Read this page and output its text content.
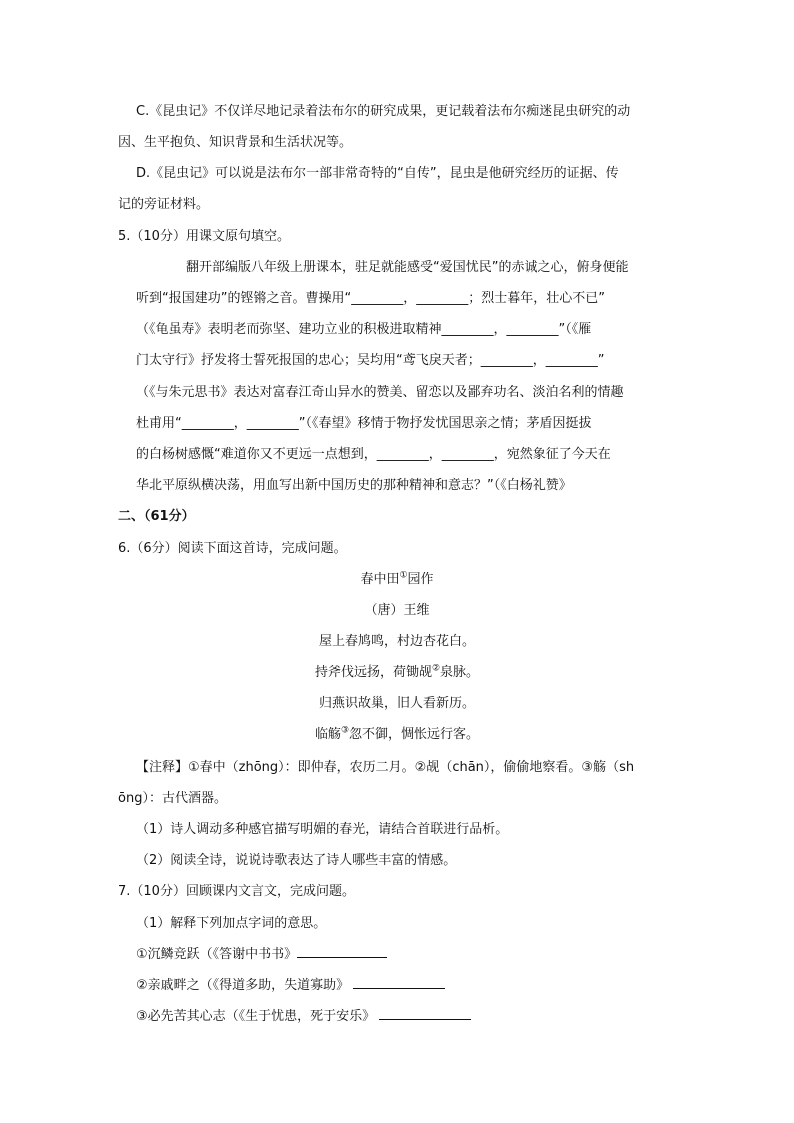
C.《昆虫记》不仅详尽地记录着法布尔的研究成果，更记载着法布尔痴迷昆虫研究的动
因、生平抱负、知识背景和生活状况等。
D.《昆虫记》可以说是法布尔一部非常奇特的“自传”，昆虫是他研究经历的证据、传
记的旁证材料。
5.（10分）用课文原句填空。
翻开部编版八年级上册课本，驻足就能感受“爱国忧民”的赤诚之心，俯身便能
听到“报国建功”的铿锵之音。曹操用“________，________；烈士暮年，壮心不已”
（《龟虽寿》表明老而弥坚、建功立业的积极进取精神________，________”（《雁
门太守行》抒发将士誓死报国的忠心；吴均用“鸢飞戾天者；________，________”
（《与朱元思书》表达对富春江奇山异水的赞美、留恋以及鄙弃功名、淡泊名利的情趣
杜甫用“________，________”（《春望》移情于物抒发忧国思亲之情；茅盾因挺拔
的白杨树感慨“难道你又不更远一点想到，________，________，宛然象征了今天在
华北平原纵横决荡，用血写出新中国历史的那种精神和意志？”（《白杨礼赞》
二、（61分）
6.（6分）阅读下面这首诗，完成问题。
春中田①园作
（唐）王维
屋上春鸠鸣，村边杏花白。
持斧伐远扬，荷锄觇②泉脉。
归燕识故巢，旧人看新历。
临觞③忽不御，惆怅远行客。
【注释】①春中（zhōng）：即仲春，农历二月。②觇（chān），偷偷地察看。③觞（sh
ōng）：古代酒器。
（1）诗人调动多种感官描写明媚的春光，请结合首联进行品析。
（2）阅读全诗，说说诗歌表达了诗人哪些丰富的情感。
7.（10分）回顾课内文言文，完成问题。
（1）解释下列加点字词的意思。
①沉鳞竞跃（《答谢中书书》
②亲戚畔之（《得道多助，失道寡助》
③必先苦其心志（《生于忧患，死于安乐》
